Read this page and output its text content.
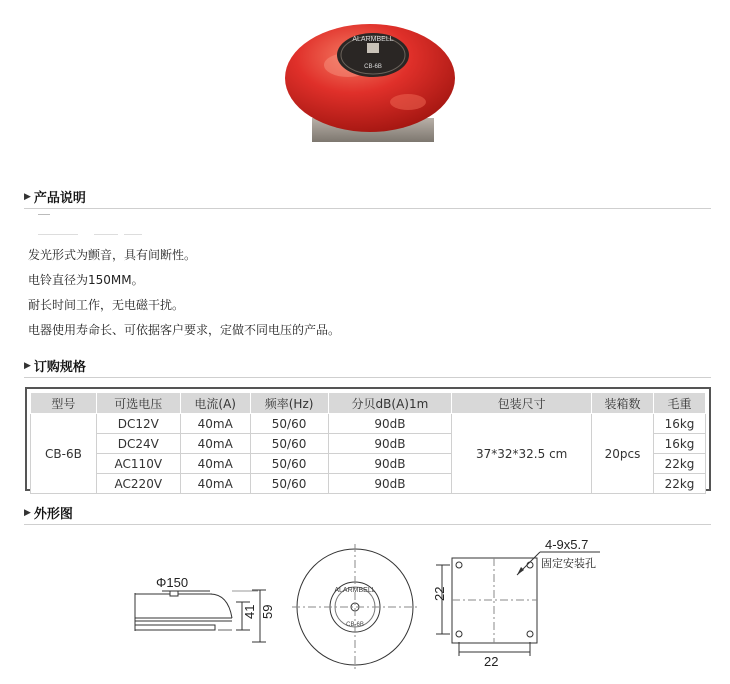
ALARMBELL
CB-6B
▶ 产品说明
发光形式为颤音，具有间断性。
电铃直径为150MM。
耐长时间工作，无电磁干扰。
电器使用寿命长、可依据客户要求，定做不同电压的产品。
▶ 订购规格
型号	可选电压	电流(A)	频率(Hz)	分贝dB(A)1m	包装尺寸	装箱数	毛重
CB-6B	DC12V	40mA	50/60	90dB	37*32*32.5 cm	20pcs	16kg
	DC24V	40mA	50/60	90dB			16kg
	AC110V	40mA	50/60	90dB			22kg
	AC220V	40mA	50/60	90dB			22kg
▶ 外形图
Φ150
41 59
ALARMBELL
CB-6B
22
22
4-9x5.7
固定安装孔
